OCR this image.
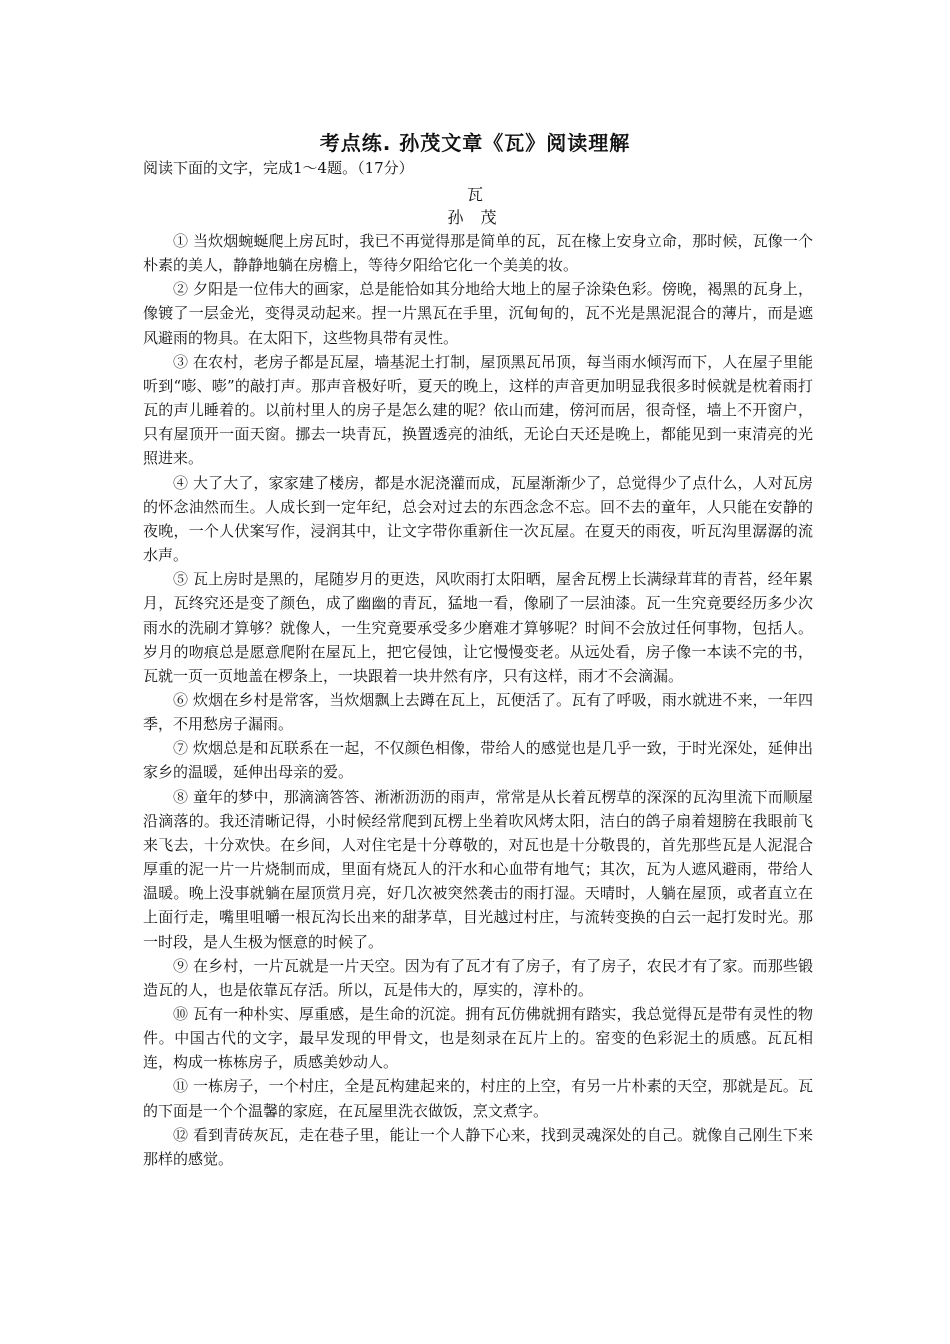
考点练. 孙茂文章《瓦》阅读理解

阅读下面的文字，完成1～4题。（17分）

瓦

孙 茂

① 当炊烟蜿蜒爬上房瓦时，我已不再觉得那是简单的瓦，瓦在椽上安身立命，那时候，瓦像一个朴素的美人，静静地躺在房檐上，等待夕阳给它化一个美美的妆。

② 夕阳是一位伟大的画家，总是能恰如其分地给大地上的屋子涂染色彩。傍晚，褐黑的瓦身上，像镀了一层金光，变得灵动起来。捏一片黑瓦在手里，沉甸甸的，瓦不光是黑泥混合的薄片，而是遮风避雨的物具。在太阳下，这些物具带有灵性。

③ 在农村，老房子都是瓦屋，墙基泥土打制，屋顶黑瓦吊顶，每当雨水倾泻而下，人在屋子里能听到“嘭、嘭”的敲打声。那声音极好听，夏天的晚上，这样的声音更加明显我很多时候就是枕着雨打瓦的声儿睡着的。以前村里人的房子是怎么建的呢？依山而建，傍河而居，很奇怪，墙上不开窗户，只有屋顶开一面天窗。挪去一块青瓦，换置透亮的油纸，无论白天还是晚上，都能见到一束清亮的光照进来。

④ 大了大了，家家建了楼房，都是水泥浇灌而成，瓦屋渐渐少了，总觉得少了点什么，人对瓦房的怀念油然而生。人成长到一定年纪，总会对过去的东西念念不忘。回不去的童年，人只能在安静的夜晚，一个人伏案写作，浸润其中，让文字带你重新住一次瓦屋。在夏天的雨夜，听瓦沟里潺潺的流水声。

⑤ 瓦上房时是黑的，尾随岁月的更迭，风吹雨打太阳晒，屋舍瓦楞上长满绿茸茸的青苔，经年累月，瓦终究还是变了颜色，成了幽幽的青瓦，猛地一看，像刷了一层油漆。瓦一生究竟要经历多少次雨水的洗刷才算够？就像人，一生究竟要承受多少磨难才算够呢？时间不会放过任何事物，包括人。岁月的吻痕总是愿意爬附在屋瓦上，把它侵蚀，让它慢慢变老。从远处看，房子像一本读不完的书，瓦就一页一页地盖在椤条上，一块跟着一块井然有序，只有这样，雨才不会滴漏。

⑥ 炊烟在乡村是常客，当炊烟飘上去蹲在瓦上，瓦便活了。瓦有了呼吸，雨水就进不来，一年四季，不用愁房子漏雨。

⑦ 炊烟总是和瓦联系在一起，不仅颜色相像，带给人的感觉也是几乎一致，于时光深处，延伸出家乡的温暖，延伸出母亲的爱。

⑧ 童年的梦中，那滴滴答答、淅淅沥沥的雨声，常常是从长着瓦楞草的深深的瓦沟里流下而顺屋沿滴落的。我还清晰记得，小时候经常爬到瓦楞上坐着吹风烤太阳，洁白的鸽子扇着翅膀在我眼前飞来飞去，十分欢快。在乡间，人对住宅是十分尊敬的，对瓦也是十分敬畏的，首先那些瓦是人泥混合厚重的泥一片一片烧制而成，里面有烧瓦人的汗水和心血带有地气；其次，瓦为人遮风避雨，带给人温暖。晚上没事就躺在屋顶赏月亮，好几次被突然袭击的雨打湿。天晴时，人躺在屋顶，或者直立在上面行走，嘴里咀嚼一根瓦沟长出来的甜茅草，目光越过村庄，与流转变换的白云一起打发时光。那一时段，是人生极为惬意的时候了。

⑨ 在乡村，一片瓦就是一片天空。因为有了瓦才有了房子，有了房子，农民才有了家。而那些锻造瓦的人，也是依靠瓦存活。所以，瓦是伟大的，厚实的，淳朴的。

⑩ 瓦有一种朴实、厚重感，是生命的沉淀。拥有瓦仿佛就拥有踏实，我总觉得瓦是带有灵性的物件。中国古代的文字，最早发现的甲骨文，也是刻录在瓦片上的。窑变的色彩泥土的质感。瓦瓦相连，构成一栋栋房子，质感美妙动人。

⑪ 一栋房子，一个村庄，全是瓦构建起来的，村庄的上空，有另一片朴素的天空，那就是瓦。瓦的下面是一个个温馨的家庭，在瓦屋里洗衣做饭，烹文煮字。

⑫ 看到青砖灰瓦，走在巷子里，能让一个人静下心来，找到灵魂深处的自己。就像自己刚生下来那样的感觉。
